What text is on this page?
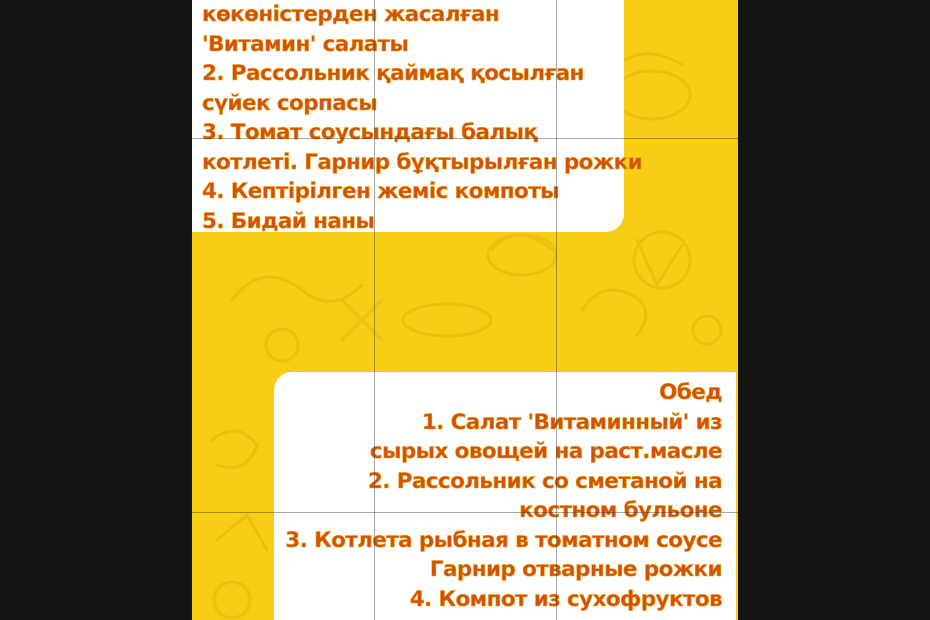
көкөністерден жасалған
'Витамин' салаты
2. Рассольник қаймақ қосылған
сүйек сорпасы
3. Томат соусындағы балық
котлеті. Гарнир бұқтырылған рожки
4. Кептірілген жеміс компоты
5. Бидай наны
Обед
1. Салат 'Витаминный' из
сырых овощей на раст.масле
2. Рассольник со сметаной на
костном бульоне
3. Котлета рыбная в томатном соусе
Гарнир отварные рожки
4. Компот из сухофруктов
